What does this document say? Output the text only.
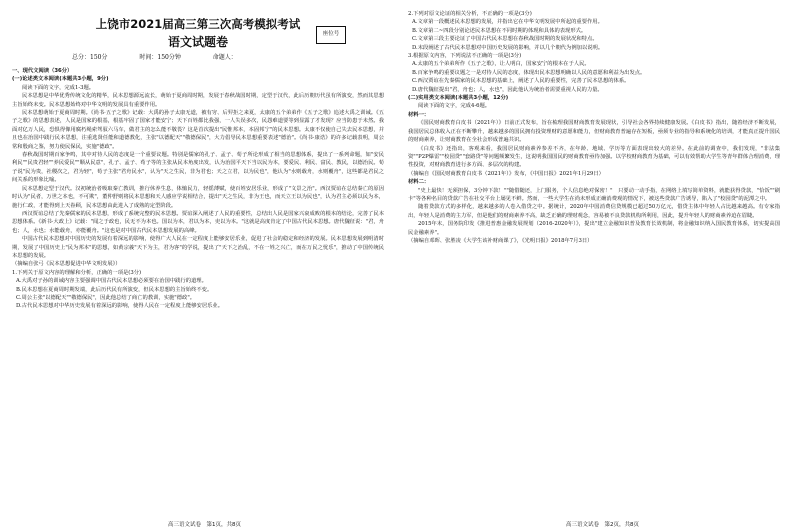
上饶市2021届高三第三次高考模拟考试
语文试题卷
总分：150分	时间：150分钟	命题人：

一、现代文阅读（36分）

(一)论述类文本阅读(本题共3小题，9分)

阅读下面的文字，完成1-3题。

民本思想是中华优秀传统文化的精华，民本思想源远流长，萌始于夏商周时期，发展于春秋战国时期，定型于汉代，此后历朝历代虽有所演变，然而其思想主旨始终未变。民本思想始终对中华文明的发展具有重要作用。

民本思想萌始于夏商周时期。《尚书·五子之歌》记载：大禹的孙子太康无道，被有穷、后羿拒之来夏，太康的五个弟弟作《五子之歌》追述大禹之训诫。《五子之歌》的思想表述，人民是国家的根基，根基牢固了国家才能安宁；天下百姓都比我强，一人失误多次，民怨难道要等到显露了才发现？应当防患于未然。我面对亿万人民，恐惧得像用腐朽绳索驾驭六马车，做君主的怎么能不敬畏？这是首次提出"民惟邦本，本固邦宁"的民本思想。太康不仅使自己失去民本思想，并且也在治国中践行民本思想，注重选贤任能和道德教化，主张"以德配天""敬德保民"，大力倡导民本思想重要表述"德治"。《尚书·康诰》的许多记载表明，周公常和殷商之鉴，努力使民保民，实施"德政"。

春秋战国时期百家争鸣，其中对待人民的态度是一个重要议题。特别是儒家的孔子、孟子、荀子所论形成了相当的思想体系，提出了一系列命题，如"安民利民""民贵君轻""养民爱民""顺从民意"，孔子、孟子、荀子等的主张从民本角度出发，认为治国平天下当以民为本，要爱民、利民、富民、教民，以德治民。荀子说"民为贵，社稷次之，君为轻"，荀子主张"君舟民水"，认为"天之生民，非为君也；天之立君，以为民也"，他认为"水则载舟，水则覆舟"，这些都是君民之间关系的形象比喻。

民本思想定型于汉代。汉初统治者吸取秦亡教训，推行休养生息，体恤民力，轻徭薄赋，使百姓安居乐业，形成了"文景之治"。西汉贾谊在总结秦亡的原因时认为"民者，万世之本也，不可欺"，董仲舒则将民本思想和天人感应学说相结合，提出"天之生民，非为王也，而天立王以为民也"，认为君主必须以民为本，施行仁政，才能得到上天眷顾，民本思想由此进入了成熟的定型阶段。

西汉贾谊总结了先秦儒家的民本思想，形成了系统完整的民本思想。贾谊深入阐述了人民的重要性，总结出人民是国家兴衰成败的根本的结论，完善了民本思想体系。《新书·大政上》记载："闻之于政也，民无不为本也。国以为本，君以为本，吏以为本。"这就是高度肯定了中国古代民本思想。唐代魏征说："君，舟也；人，水也；水能载舟，亦能覆舟。"这也是对中国古代民本思想发展的高峰。

中国古代民本思想对中国历史的发展有着深远的影响，使得广大人民在一定程度上能够安居乐业，促进了社会的稳定和经济的发展。民本思想发展到明清时期，发展了中国历史上"民为邦本"的思想，如黄宗羲"天下为主，君为客"的学说，提出了"天下之治乱，不在一姓之兴亡，而在万民之忧乐"，推动了中国传统民本思想的发展。

（摘编自张弓《民本思想促进中华文明发展》）

1.下列关于原文内容的理解和分析，正确的一项是(3分)

A.大禹对子孙的训诫内容主要强调中国古代民本思想必须要在治国中践行的道理。

B.民本思想在夏商周时期发端，此后历代民有所演变，但民本思想的主旨始终不变。

C.周公主张"以德配天""敬德保民"，因此他总结了商亡的教训，实施"德政"。

D.古代民本思想对中华历史发展有着深远的影响，使得人民在一定程度上能够安居乐业。

座位号

2.下列对原文论证的相关分析，不正确的一项是(3分)

A.文章第一段概述民本思想的发展，并指出它在中华文明发展中所起的重要作用。

B.文章第二~四段分别论述民本思想在不同时期的体现和具体的表现形式。

C.文章第三段主要论证了中国古代民本思想在春秋战国时期的发展状况和特点。

D.末段阐述了古代民本思想对中国历史发展的影响，并以几个朝代为例加以说明。

3.根据原文内容，下列说法不正确的一项是(3分)

A.太康的五个弟弟所作《五子之歌》，让人明白，国家安宁的根本在于人民。

B.百家争鸣的重要议题之一是对待人民的态度，体现出民本思想明确以人民的意愿和利益为出发点。

C.西汉贾谊在先秦儒家的民本思想的基础上，阐述了人民的重要性，完善了民本思想的体系。

D.唐代魏征提出"君，舟也；人，水也"，因此他认为统治者需要重视人民的力量。

(二)实用类文本阅读(本题共3小题，12分)

阅读下面的文字，完成4-6题。

材料一：

《国民财商教育白皮书（2021年）》日前正式发布，旨在梳理我国财商教育发展现状，引导社会各界持续健康发展。《白皮书》指出，随着经济不断发展，我国居民总体收入正在不断攀升，越来越多的国民拥有投资理财的意愿和能力，但财商教育普遍存在短板，亟须专业的指导和系统化的培训，才能真正提升国民的财商素养，让财商教育在全社会形成普遍共识。

《白皮书》还指出，客观来看，我国居民财商素养参差不齐，在年龄、地域、学历等方面表现出较大的差异。在此前的调查中，我们发现，"非法集资""P2P爆雷""校园贷""套路贷"等问题频繁发生，这说明我国国民的财商教育亟待加强。以学校财商教育为基础，可以有效帮助大学生等青年群体合理消费，理性投资，对财商教育进行多方面、多层次的构建。

（摘编自《国民财商教育白皮书（2021年）》发布，《中国日报》2021年1月29日）

材料二：

"史上最快！无须担保，3分钟下款！""随借随还，上门服务，个人信息绝对保密！"　只要动一动手指，在网络上填写简单资料，就能获得贷款，"恰饭""刷卡"等各种名目的贷款广告在社交平台上屡见不鲜。然而，一些大学生在尚未形成正确消费观的情况下，被这些贷款广告诱导，陷入了"校园贷"的泥潭之中。

随着贷款方式的多样化，越来越多的人卷入借贷之中。据统计，2020年中国消费信贷规模已超过50万亿元，借贷主体中年轻人占比越来越高。有专家指出，年轻人是消费的主力军，但是他们的财商素养不高，缺乏正确的理财观念，容易被不良贷款机构所利用，因此，提升年轻人的财商素养迫在眉睫。

2015年末，国务院印发《推进普惠金融发展规划（2016-2020年）》，提出"建立金融知识普及教育长效机制，将金融知识纳入国民教育体系，切实提高国民金融素养"。

（摘编自邓晖、张胜凌《大学生该补财商课了》，《光明日报》2018年7月3日）

高三语文试卷　第1页，共8页	高三语文试卷　第2页，共8页
